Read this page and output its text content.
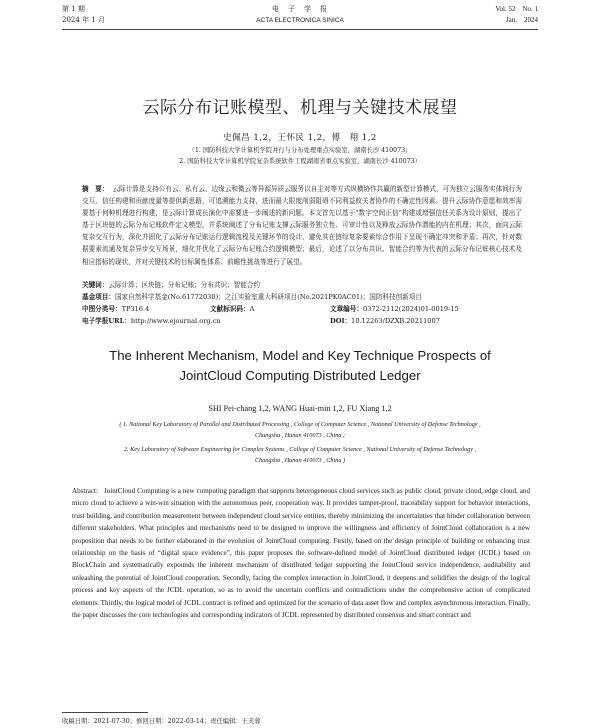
第 1 期
2024 年 1 月
电　子　学　报
ACTA ELECTRONICA SINICA
Vol. 52　No. 1
Jan.　2024
云际分布记账模型、机理与关键技术展望
史佩昌 1,2，王怀民 1,2，傅　翔 1,2
（1. 国防科技大学计算机学院并行与分布处理重点实验室，湖南长沙 410073；
2. 国防科技大学计算机学院复杂系统软件工程湖南省重点实验室，湖南长沙 410073）
摘　要： 云际计算是支持公有云、私有云、边缘云和微云等异源异质云服务以自主对等方式纵横协作共赢的新型计算模式，可为独立云服务实体间行为交互、信任构建和贡献度量等提供新思路，可追溯能力支持，进而最大限度削弱阻碍不同利益攸关者协作的不确定性因素。提升云际协作意愿和效率需要基于何种机理进行构建，是云际计算成长演化中需要进一步阐述的新问题。本文首先以基于“数字空间正信”构建或增强信任关系为设计原则，提出了基于区块链的云际分布记账软件定义模型，并系统阐述了分布记账支撑云际服务独立性、可审计性以及释放云际协作潜能的内在机理；其次，面向云际复杂交互行为，深化并固化了云际分布记账运行逻辑流程及关键环节的设计，避免其在链综复杂要素综合作用下呈现不确定冲突和矛盾；再次，针对数据要素流通及复杂异步交互场景，细化并优化了云际分布记账合约逻辑模型；最后，论述了以分布共识、智能合约等为代表的云际分布记账核心技术及相应指标的现状，并对关键技术的目标属性体系、前瞻性挑战等进行了展望。
关键词：云际计算；区块链；分布记账；分布共识；智能合约
基金项目：国家自然科学基金(No.61772030)；之江实验室重大科研项目(No.2021PK0AC01)；国防科技创新项目
中图分类号：TP316.4	文献标识码：A	文章编号：0372-2112(2024)01-0019-15
电子学报URL：http://www.ejournal.org.cn	DOI：10.12263/DZXB.20211007
The Inherent Mechanism, Model and Key Technique Prospects of
JointCloud Computing Distributed Ledger
SHI Pei-chang 1,2, WANG Huai-min 1,2, FU Xiang 1,2
( 1. National Key Laboratory of Parallel and Distributed Processing , College of Computer Science , National University of Defense Technology ,
Changsha , Hunan 410073 , China ;
2. Key Laboratory of Software Engineering for Complex Systems , College of Computer Science , National University of Defense Technology ,
Changsha , Hunan 410073 , China )
Abstract: JointCloud Computing is a new computing paradigm that supports heterogeneous cloud services such as public cloud, private cloud, edge cloud, and micro cloud to achieve a win-win situation with the autonomous peer, cooperation way. It provides tamper-proof, traceability support for behavior interactions, trust building, and contribution measurement between independent cloud service entities, thereby minimizing the uncertainties that hinder collaboration between different stakeholders. What principles and mechanisms need to be designed to improve the willingness and efficiency of JointCloud collaboration is a new proposition that needs to be further elaborated in the evolution of JointCloud computing. Firstly, based on the design principle of building or enhancing trust relationship on the basis of “digital space evidence”, this paper proposes the software-defined model of JointCloud distributed ledger (JCDL) based on BlockChain and systematically expounds the inherent mechanism of distributed ledger supporting the JointCloud service independence, auditability and unleashing the potential of JointCloud cooperation. Secondly, facing the complex interaction in JointCloud, it deepens and solidifies the design of the logical process and key aspects of the JCDL operation, so as to avoid the uncertain conflicts and contradictions under the comprehensive action of complicated elements. Thirdly, the logical model of JCDL contract is refined and optimized for the scenario of data asset flow and complex asynchronous interaction. Finally, the paper discusses the core technologies and corresponding indicators of JCDL represented by distributed consensus and smart contract and
收稿日期：2021-07-30；修回日期：2022-03-14；责任编辑：王芙蓉
